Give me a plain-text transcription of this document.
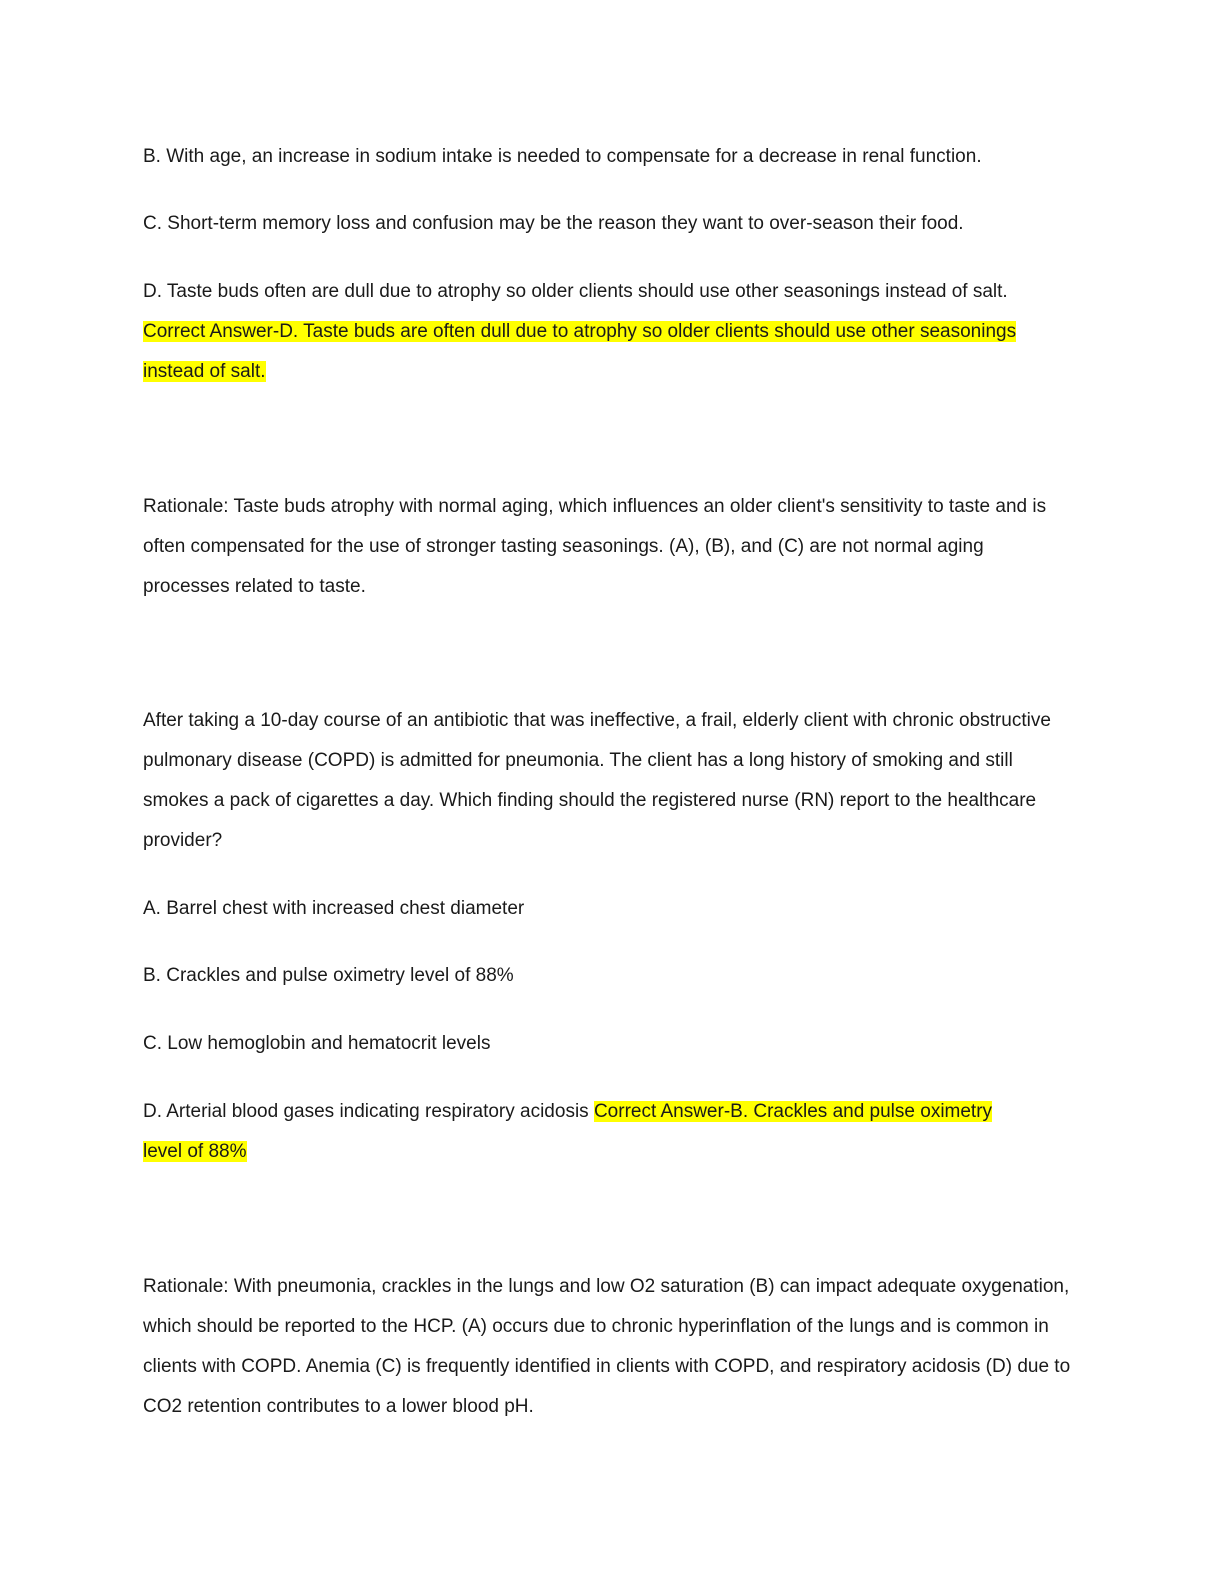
B. With age, an increase in sodium intake is needed to compensate for a decrease in renal function.

C. Short-term memory loss and confusion may be the reason they want to over-season their food.

D. Taste buds often are dull due to atrophy so older clients should use other seasonings instead of salt.
Correct Answer-D. Taste buds are often dull due to atrophy so older clients should use other seasonings
instead of salt.

Rationale: Taste buds atrophy with normal aging, which influences an older client's sensitivity to taste and is often compensated for the use of stronger tasting seasonings. (A), (B), and (C) are not normal aging processes related to taste.

After taking a 10-day course of an antibiotic that was ineffective, a frail, elderly client with chronic obstructive pulmonary disease (COPD) is admitted for pneumonia. The client has a long history of smoking and still smokes a pack of cigarettes a day. Which finding should the registered nurse (RN) report to the healthcare provider?

A. Barrel chest with increased chest diameter

B. Crackles and pulse oximetry level of 88%

C. Low hemoglobin and hematocrit levels

D. Arterial blood gases indicating respiratory acidosis Correct Answer-B. Crackles and pulse oximetry
level of 88%

Rationale: With pneumonia, crackles in the lungs and low O2 saturation (B) can impact adequate oxygenation, which should be reported to the HCP. (A) occurs due to chronic hyperinflation of the lungs and is common in clients with COPD. Anemia (C) is frequently identified in clients with COPD, and respiratory acidosis (D) due to CO2 retention contributes to a lower blood pH.
